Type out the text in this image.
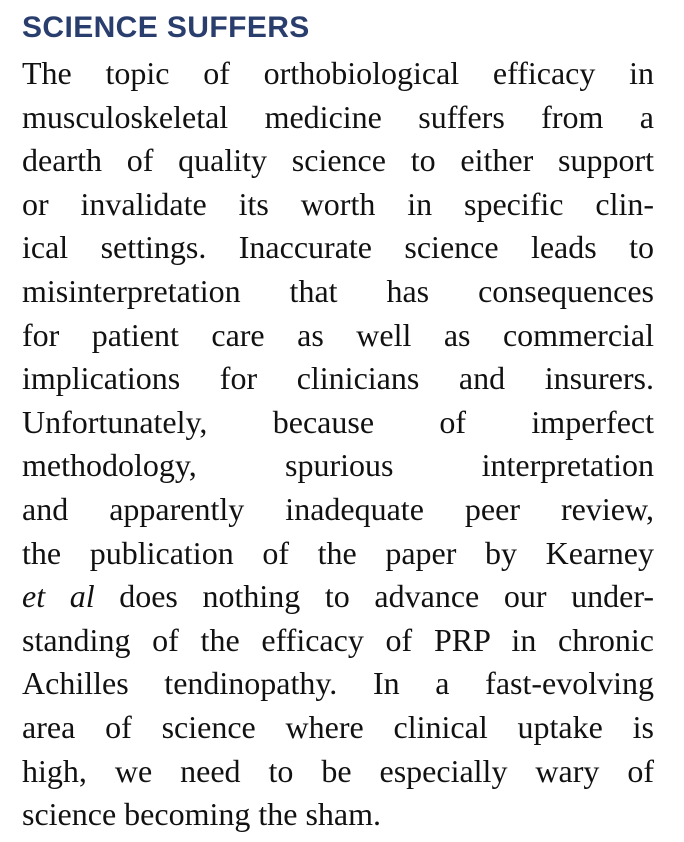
SCIENCE SUFFERS
The topic of orthobiological efficacy in
musculoskeletal medicine suffers from a
dearth of quality science to either support
or invalidate its worth in specific clin-
ical settings. Inaccurate science leads to
misinterpretation that has consequences
for patient care as well as commercial
implications for clinicians and insurers.
Unfortunately, because of imperfect
methodology, spurious interpretation
and apparently inadequate peer review,
the publication of the paper by Kearney
et al does nothing to advance our under-
standing of the efficacy of PRP in chronic
Achilles tendinopathy. In a fast-evolving
area of science where clinical uptake is
high, we need to be especially wary of
science becoming the sham.
